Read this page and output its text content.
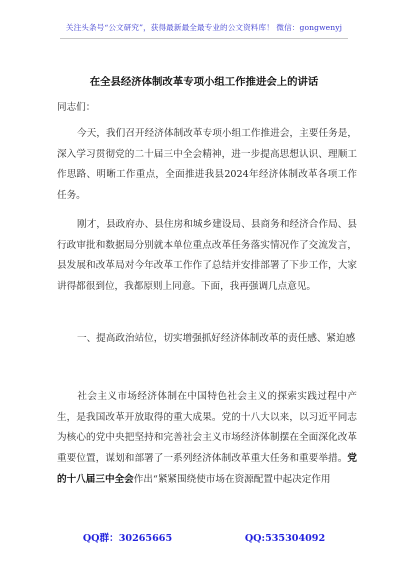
关注头条号“公文研究”，获得最新最全最专业的公文资料库！ 微信：gongwenyj
在全县经济体制改革专项小组工作推进会上的讲话
同志们：
今天，我们召开经济体制改革专项小组工作推进会，主要任务是，深入学习贯彻党的二十届三中全会精神，进一步提高思想认识、理顺工作思路、明晰工作重点，全面推进我县2024年经济体制改革各项工作任务。
刚才，县政府办、县住房和城乡建设局、县商务和经济合作局、县行政审批和数据局分别就本单位重点改革任务落实情况作了交流发言，县发展和改革局对今年改革工作作了总结并安排部署了下步工作，大家讲得都很到位，我都原则上同意。下面，我再强调几点意见。
一、提高政治站位，切实增强抓好经济体制改革的责任感、紧迫感
社会主义市场经济体制在中国特色社会主义的探索实践过程中产生，是我国改革开放取得的重大成果。党的十八大以来，以习近平同志为核心的党中央把坚持和完善社会主义市场经济体制摆在全面深化改革重要位置，谋划和部署了一系列经济体制改革重大任务和重要举措。党的十八届三中全会作出“紧紧围绕使市场在资源配置中起决定作用
QQ群：30265665	QQ:535304092
